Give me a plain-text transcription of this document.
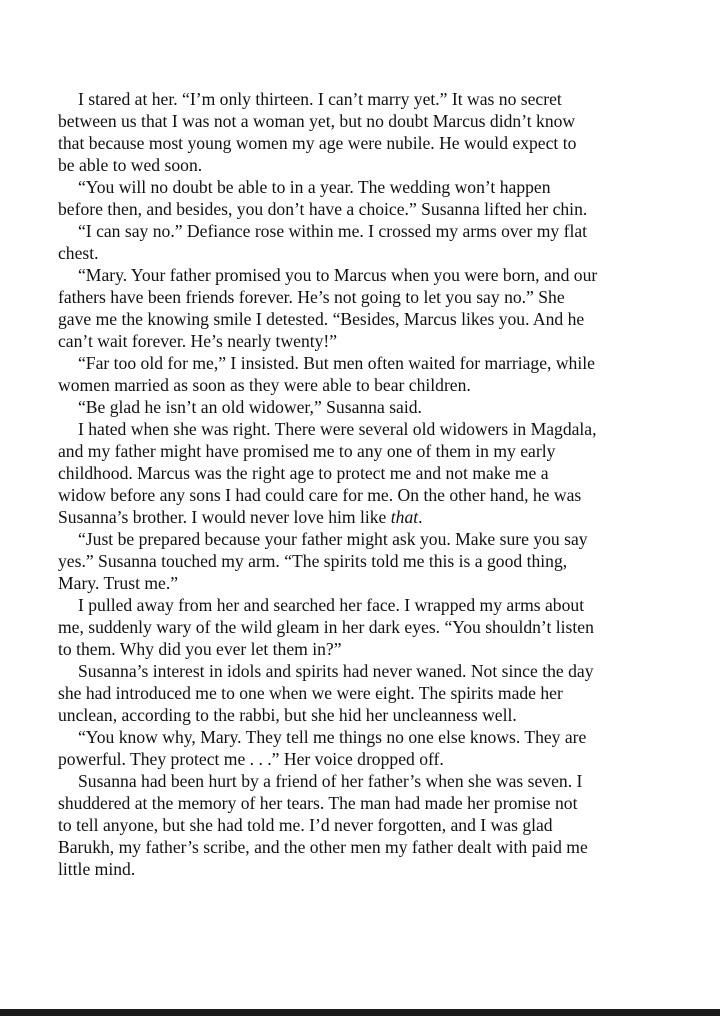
I stared at her. “I’m only thirteen. I can’t marry yet.” It was no secret
between us that I was not a woman yet, but no doubt Marcus didn’t know
that because most young women my age were nubile. He would expect to
be able to wed soon.
“You will no doubt be able to in a year. The wedding won’t happen
before then, and besides, you don’t have a choice.” Susanna lifted her chin.
“I can say no.” Defiance rose within me. I crossed my arms over my flat
chest.
“Mary. Your father promised you to Marcus when you were born, and our
fathers have been friends forever. He’s not going to let you say no.” She
gave me the knowing smile I detested. “Besides, Marcus likes you. And he
can’t wait forever. He’s nearly twenty!”
“Far too old for me,” I insisted. But men often waited for marriage, while
women married as soon as they were able to bear children.
“Be glad he isn’t an old widower,” Susanna said.
I hated when she was right. There were several old widowers in Magdala,
and my father might have promised me to any one of them in my early
childhood. Marcus was the right age to protect me and not make me a
widow before any sons I had could care for me. On the other hand, he was
Susanna’s brother. I would never love him like that.
“Just be prepared because your father might ask you. Make sure you say
yes.” Susanna touched my arm. “The spirits told me this is a good thing,
Mary. Trust me.”
I pulled away from her and searched her face. I wrapped my arms about
me, suddenly wary of the wild gleam in her dark eyes. “You shouldn’t listen
to them. Why did you ever let them in?”
Susanna’s interest in idols and spirits had never waned. Not since the day
she had introduced me to one when we were eight. The spirits made her
unclean, according to the rabbi, but she hid her uncleanness well.
“You know why, Mary. They tell me things no one else knows. They are
powerful. They protect me . . .” Her voice dropped off.
Susanna had been hurt by a friend of her father’s when she was seven. I
shuddered at the memory of her tears. The man had made her promise not
to tell anyone, but she had told me. I’d never forgotten, and I was glad
Barukh, my father’s scribe, and the other men my father dealt with paid me
little mind.
